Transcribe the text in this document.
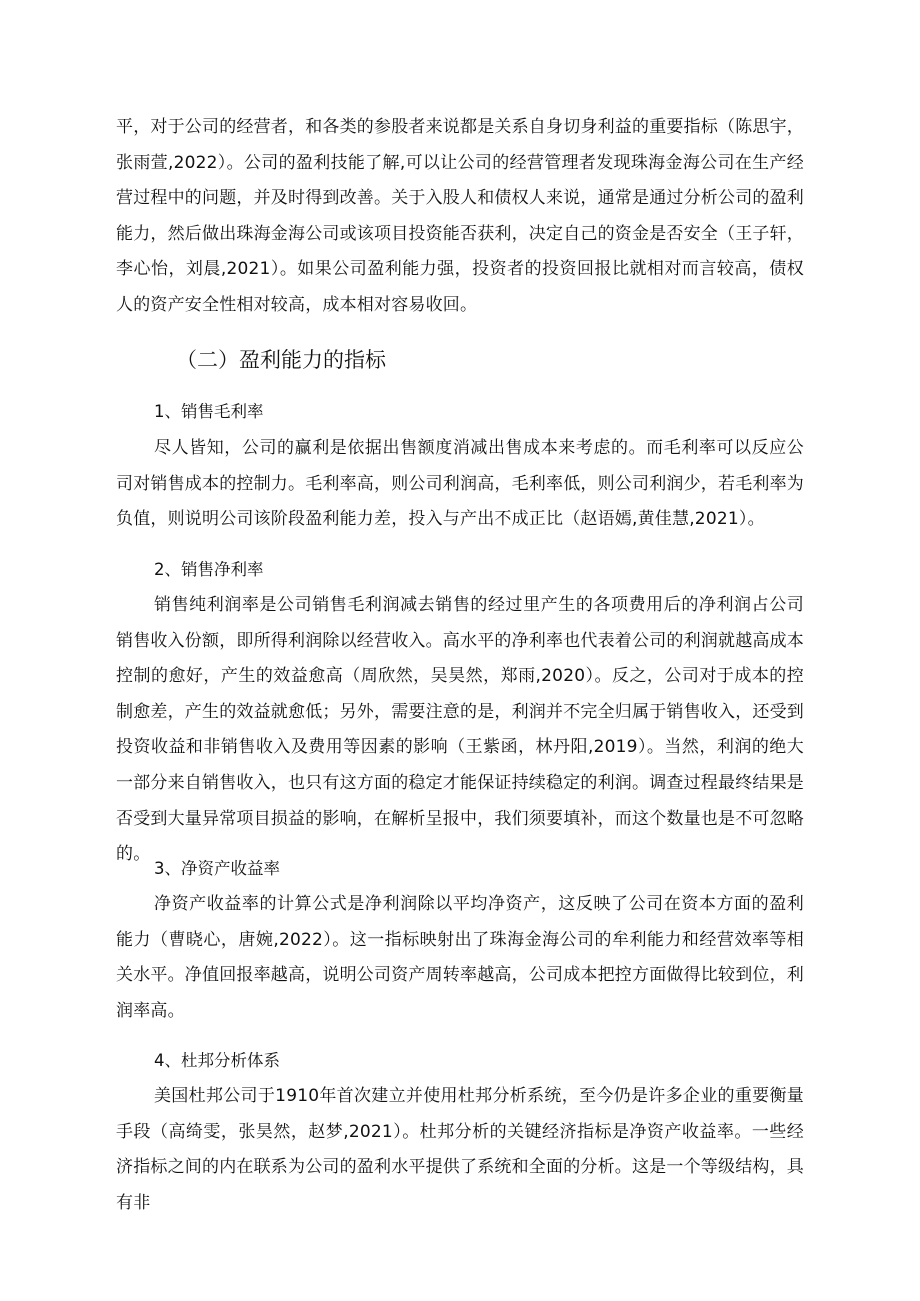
平，对于公司的经营者，和各类的参股者来说都是关系自身切身利益的重要指标（陈思宇，张雨萱,2022）。公司的盈利技能了解,可以让公司的经营管理者发现珠海金海公司在生产经营过程中的问题，并及时得到改善。关于入股人和债权人来说，通常是通过分析公司的盈利能力，然后做出珠海金海公司或该项目投资能否获利，决定自己的资金是否安全（王子轩，李心怡，刘晨,2021）。如果公司盈利能力强，投资者的投资回报比就相对而言较高，债权人的资产安全性相对较高，成本相对容易收回。

（二）盈利能力的指标
1、销售毛利率

尽人皆知，公司的赢利是依据出售额度消减出售成本来考虑的。而毛利率可以反应公司对销售成本的控制力。毛利率高，则公司利润高，毛利率低，则公司利润少，若毛利率为负值，则说明公司该阶段盈利能力差，投入与产出不成正比（赵语嫣,黄佳慧,2021）。

2、销售净利率

销售纯利润率是公司销售毛利润减去销售的经过里产生的各项费用后的净利润占公司销售收入份额，即所得利润除以经营收入。高水平的净利率也代表着公司的利润就越高成本控制的愈好，产生的效益愈高（周欣然，吴昊然，郑雨,2020）。反之，公司对于成本的控制愈差，产生的效益就愈低；另外，需要注意的是，利润并不完全归属于销售收入，还受到投资收益和非销售收入及费用等因素的影响（王紫函，林丹阳,2019）。当然，利润的绝大一部分来自销售收入，也只有这方面的稳定才能保证持续稳定的利润。调查过程最终结果是否受到大量异常项目损益的影响，在解析呈报中，我们须要填补，而这个数量也是不可忽略的。

3、净资产收益率

净资产收益率的计算公式是净利润除以平均净资产，这反映了公司在资本方面的盈利能力（曹晓心，唐婉,2022）。这一指标映射出了珠海金海公司的牟利能力和经营效率等相关水平。净值回报率越高，说明公司资产周转率越高，公司成本把控方面做得比较到位，利润率高。

4、杜邦分析体系

美国杜邦公司于1910年首次建立并使用杜邦分析系统，至今仍是许多企业的重要衡量手段（高绮雯，张昊然，赵梦,2021）。杜邦分析的关键经济指标是净资产收益率。一些经济指标之间的内在联系为公司的盈利水平提供了系统和全面的分析。这是一个等级结构，具有非
